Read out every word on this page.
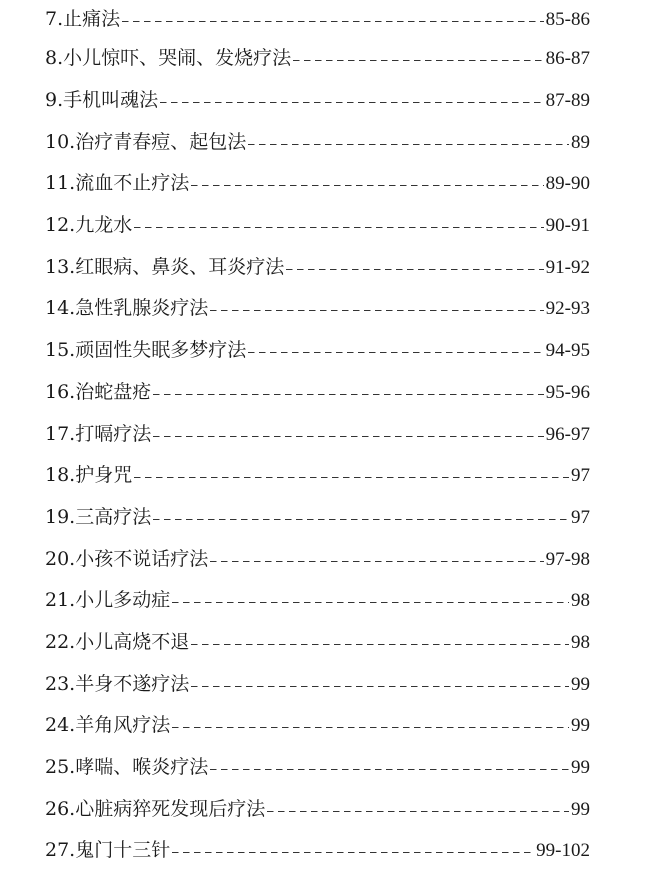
7.止痛法	85-86
8.小儿惊吓、哭闹、发烧疗法	86-87
9.手机叫魂法	87-89
10.治疗青春痘、起包法	89
11.流血不止疗法	89-90
12.九龙水	90-91
13.红眼病、鼻炎、耳炎疗法	91-92
14.急性乳腺炎疗法	92-93
15.顽固性失眠多梦疗法	94-95
16.治蛇盘疮	95-96
17.打嗝疗法	96-97
18.护身咒	97
19.三高疗法	97
20.小孩不说话疗法	97-98
21.小儿多动症	98
22.小儿高烧不退	98
23.半身不遂疗法	99
24.羊角风疗法	99
25.哮喘、喉炎疗法	99
26.心脏病猝死发现后疗法	99
27.鬼门十三针	99-102
